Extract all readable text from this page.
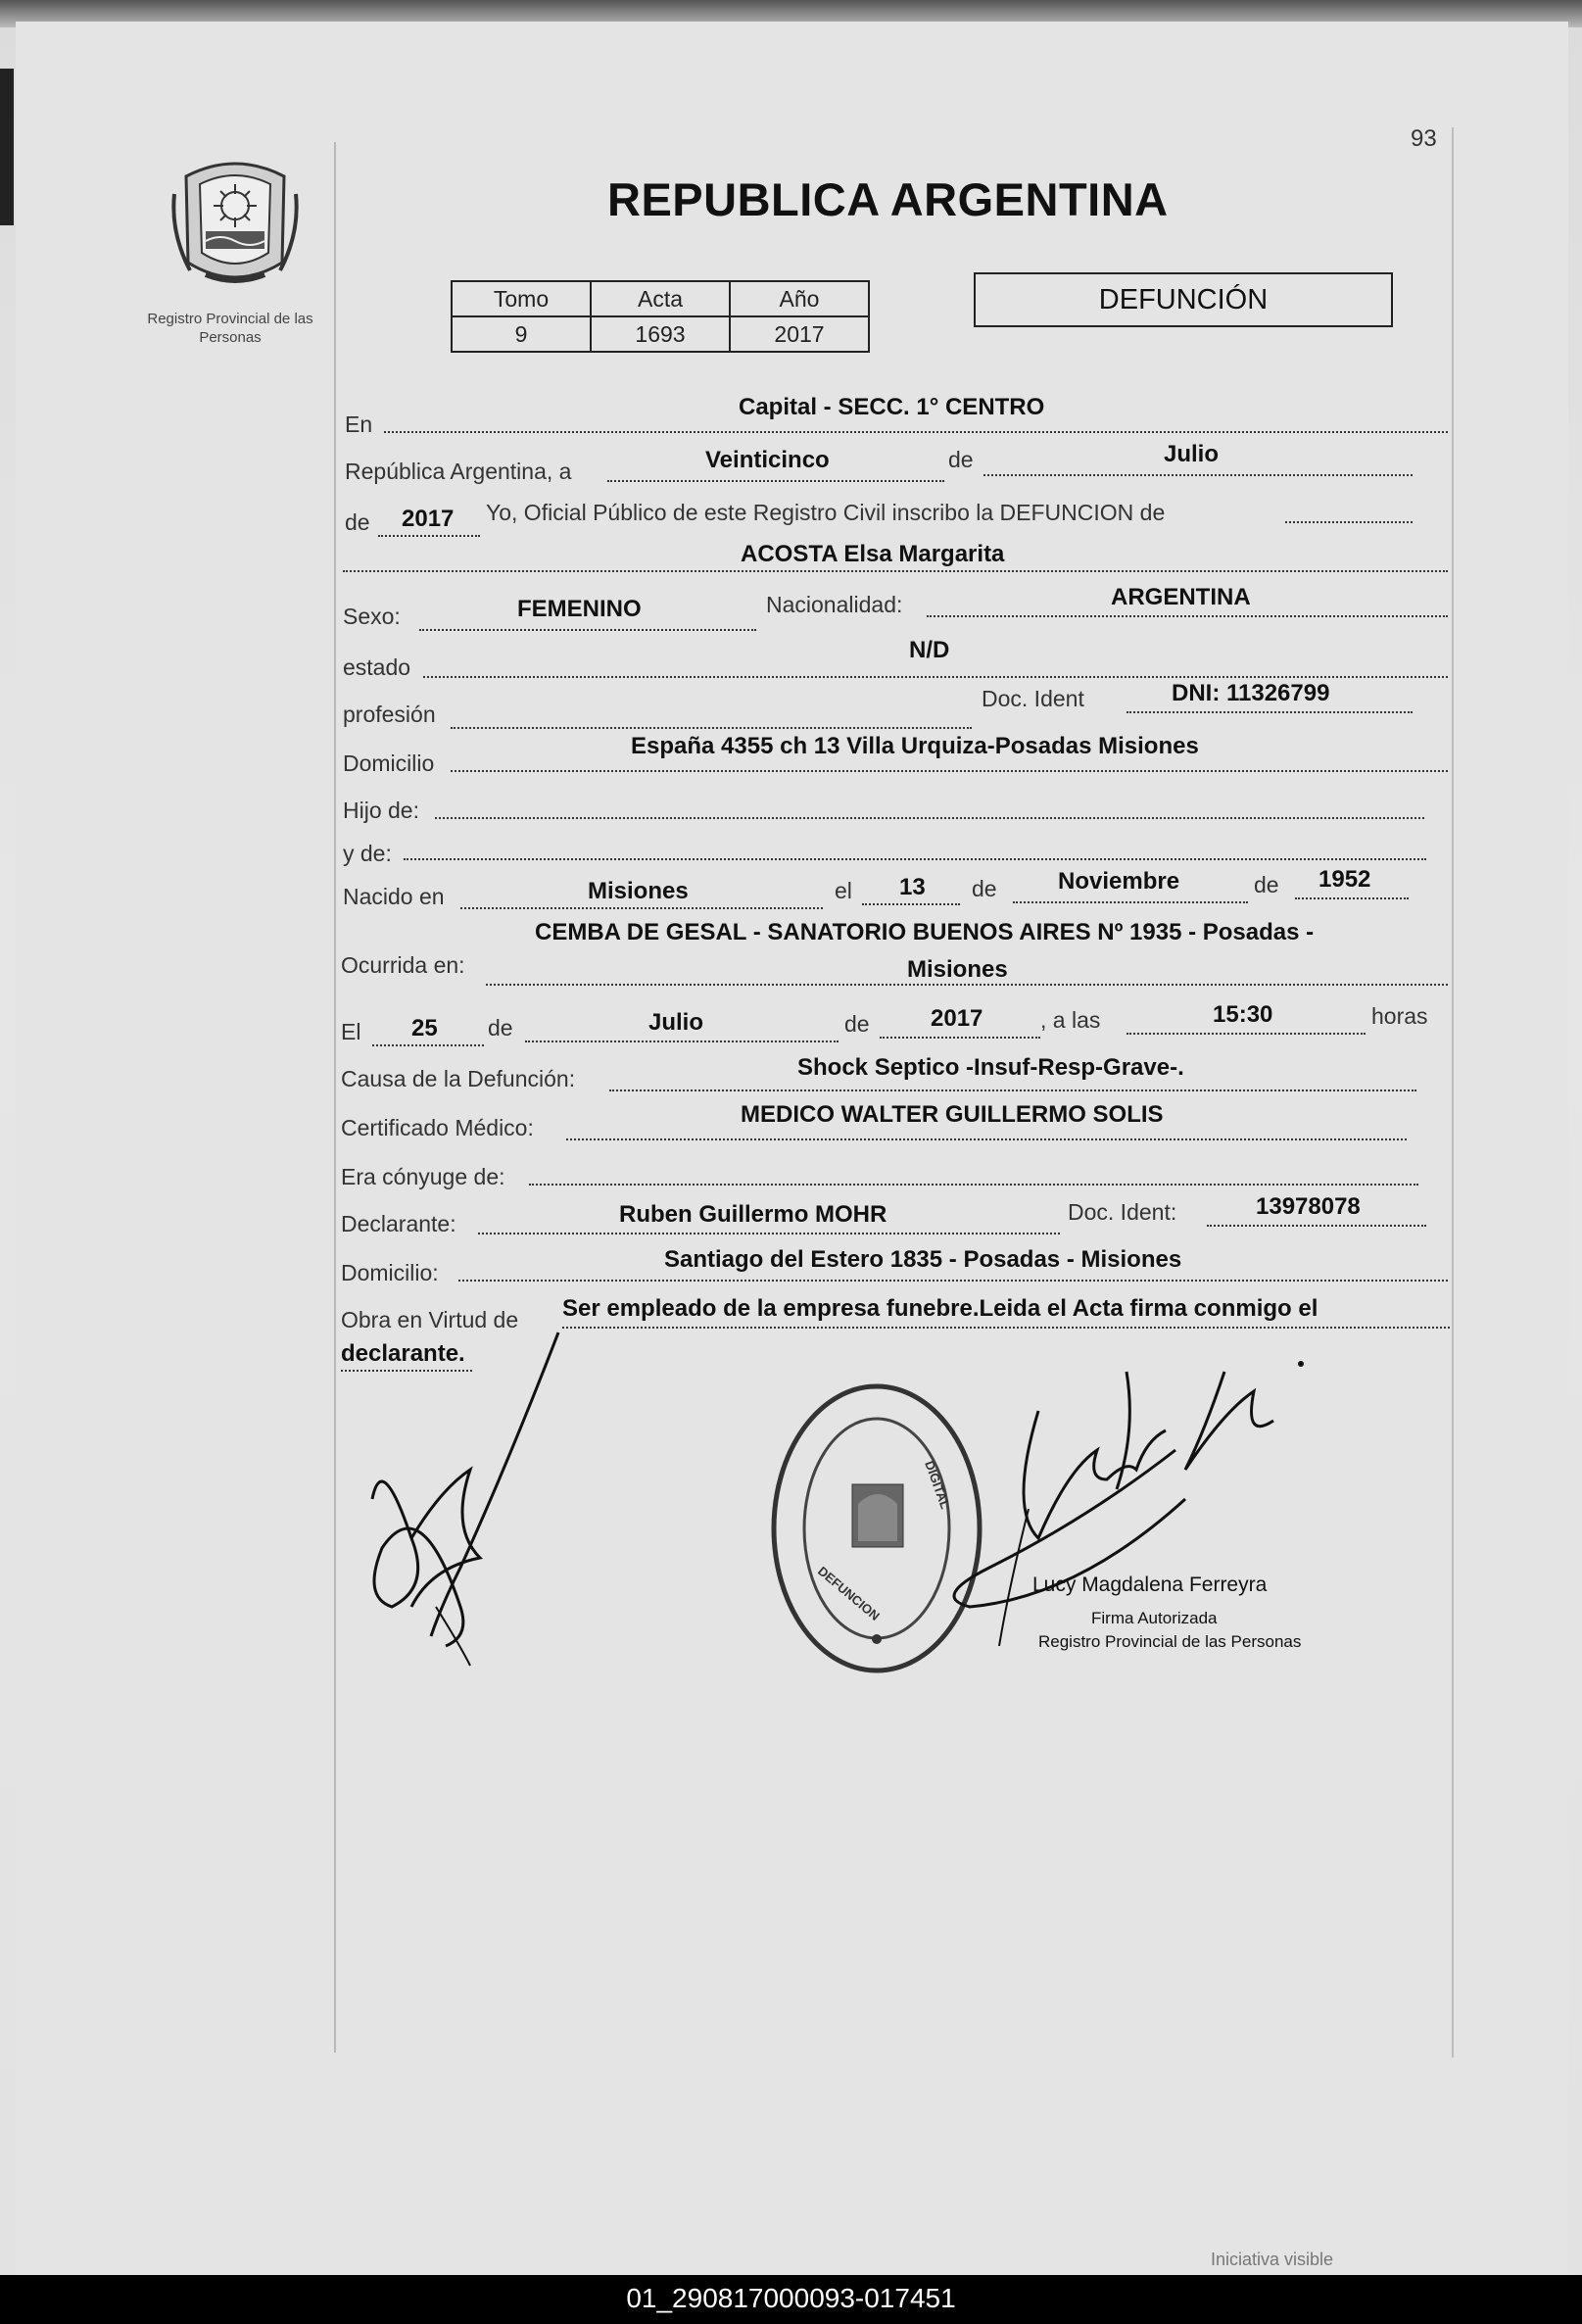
93
Registro Provincial de las Personas
REPUBLICA ARGENTINA
Tomo	Acta	Año
9	1693	2017
DEFUNCIÓN
En
Capital - SECC. 1° CENTRO
República Argentina, a	Veinticinco	de	Julio
de 2017 Yo, Oficial Público de este Registro Civil inscribo la DEFUNCION de
ACOSTA Elsa Margarita
Sexo:	FEMENINO	Nacionalidad:	ARGENTINA
estado
N/D
profesión
Doc. Ident	DNI: 11326799
Domicilio
España 4355 ch 13 Villa Urquiza-Posadas Misiones
Hijo de:
y de:
Nacido en	Misiones	el 13 de	Noviembre	de 1952
CEMBA DE GESAL - SANATORIO BUENOS AIRES Nº 1935 - Posadas -
Ocurrida en:	Misiones
El 25 de	Julio	de	2017	, a las	15:30	horas
Causa de la Defunción:	Shock Septico -Insuf-Resp-Grave-.
Certificado Médico:	MEDICO WALTER GUILLERMO SOLIS
Era cónyuge de:
Declarante:	Ruben Guillermo MOHR	Doc. Ident:	13978078
Domicilio:	Santiago del Estero 1835 - Posadas - Misiones
Obra en Virtud de Ser empleado de la empresa funebre.Leida el Acta firma conmigo el
declarante.
DEFUNCION
DIGITAL
Lucy Magdalena Ferreyra
Firma Autorizada
Registro Provincial de las Personas
Iniciativa visible
01_290817000093-017451
